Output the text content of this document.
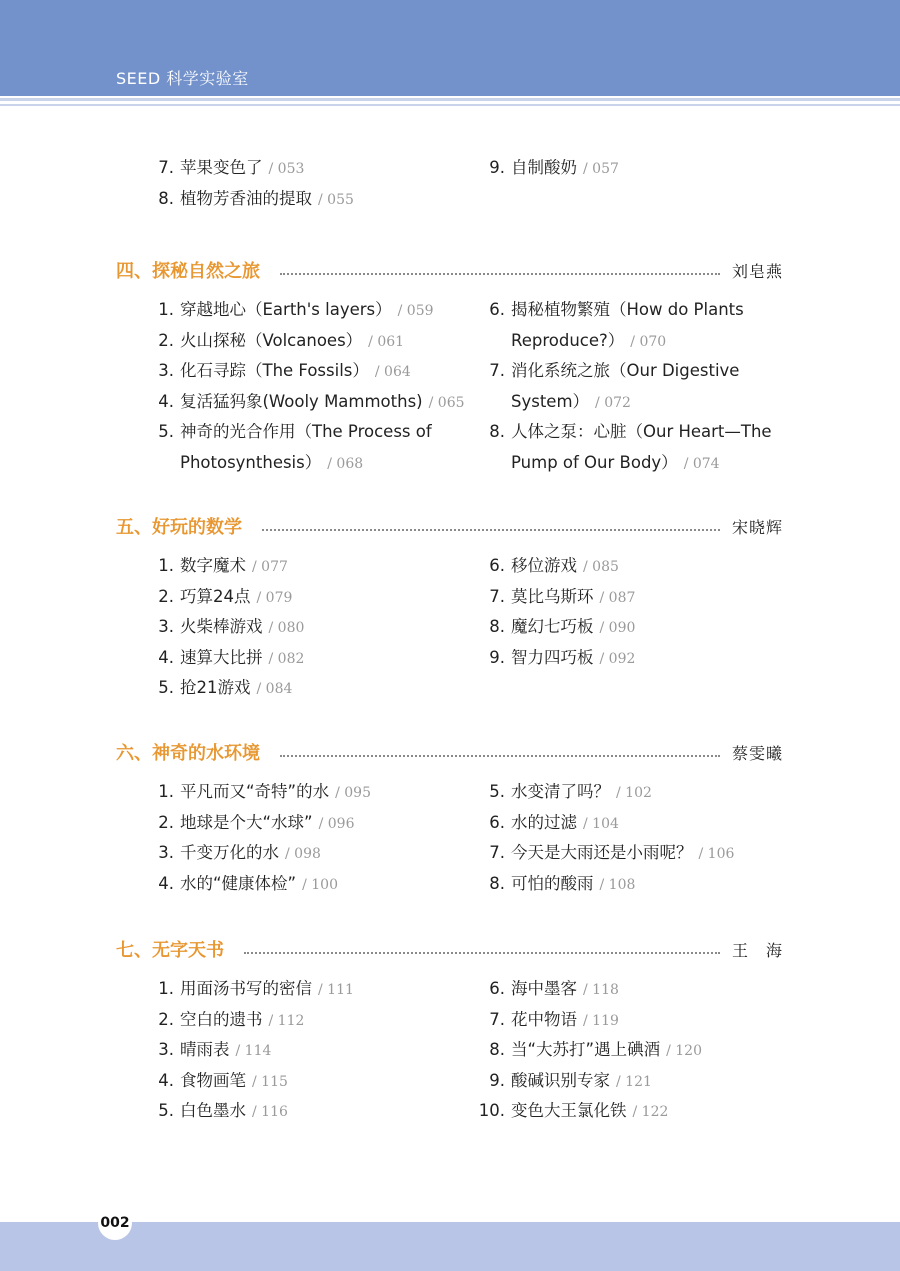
SEED 科学实验室
7. 苹果变色了 / 053
8. 植物芳香油的提取 / 055
9. 自制酸奶 / 057
四、探秘自然之旅	刘皂燕
1. 穿越地心（Earth's layers） / 059
2. 火山探秘（Volcanoes） / 061
3. 化石寻踪（The Fossils） / 064
4. 复活猛犸象(Wooly Mammoths) / 065
5. 神奇的光合作用（The Process of
Photosynthesis） / 068
6. 揭秘植物繁殖（How do Plants
Reproduce?） / 070
7. 消化系统之旅（Our Digestive
System） / 072
8. 人体之泵：心脏（Our Heart—The
Pump of Our Body） / 074
五、好玩的数学	宋晓辉
1. 数字魔术 / 077
2. 巧算24点 / 079
3. 火柴棒游戏 / 080
4. 速算大比拼 / 082
5. 抢21游戏 / 084
6. 移位游戏 / 085
7. 莫比乌斯环 / 087
8. 魔幻七巧板 / 090
9. 智力四巧板 / 092
六、神奇的水环境	蔡雯曦
1. 平凡而又“奇特”的水 / 095
2. 地球是个大“水球” / 096
3. 千变万化的水 / 098
4. 水的“健康体检” / 100
5. 水变清了吗？ / 102
6. 水的过滤 / 104
7. 今天是大雨还是小雨呢？ / 106
8. 可怕的酸雨 / 108
七、无字天书	王　海
1. 用面汤书写的密信 / 111
2. 空白的遗书 / 112
3. 晴雨表 / 114
4. 食物画笔 / 115
5. 白色墨水 / 116
6. 海中墨客 / 118
7. 花中物语 / 119
8. 当“大苏打”遇上碘酒 / 120
9. 酸碱识别专家 / 121
10. 变色大王氯化铁 / 122
002
